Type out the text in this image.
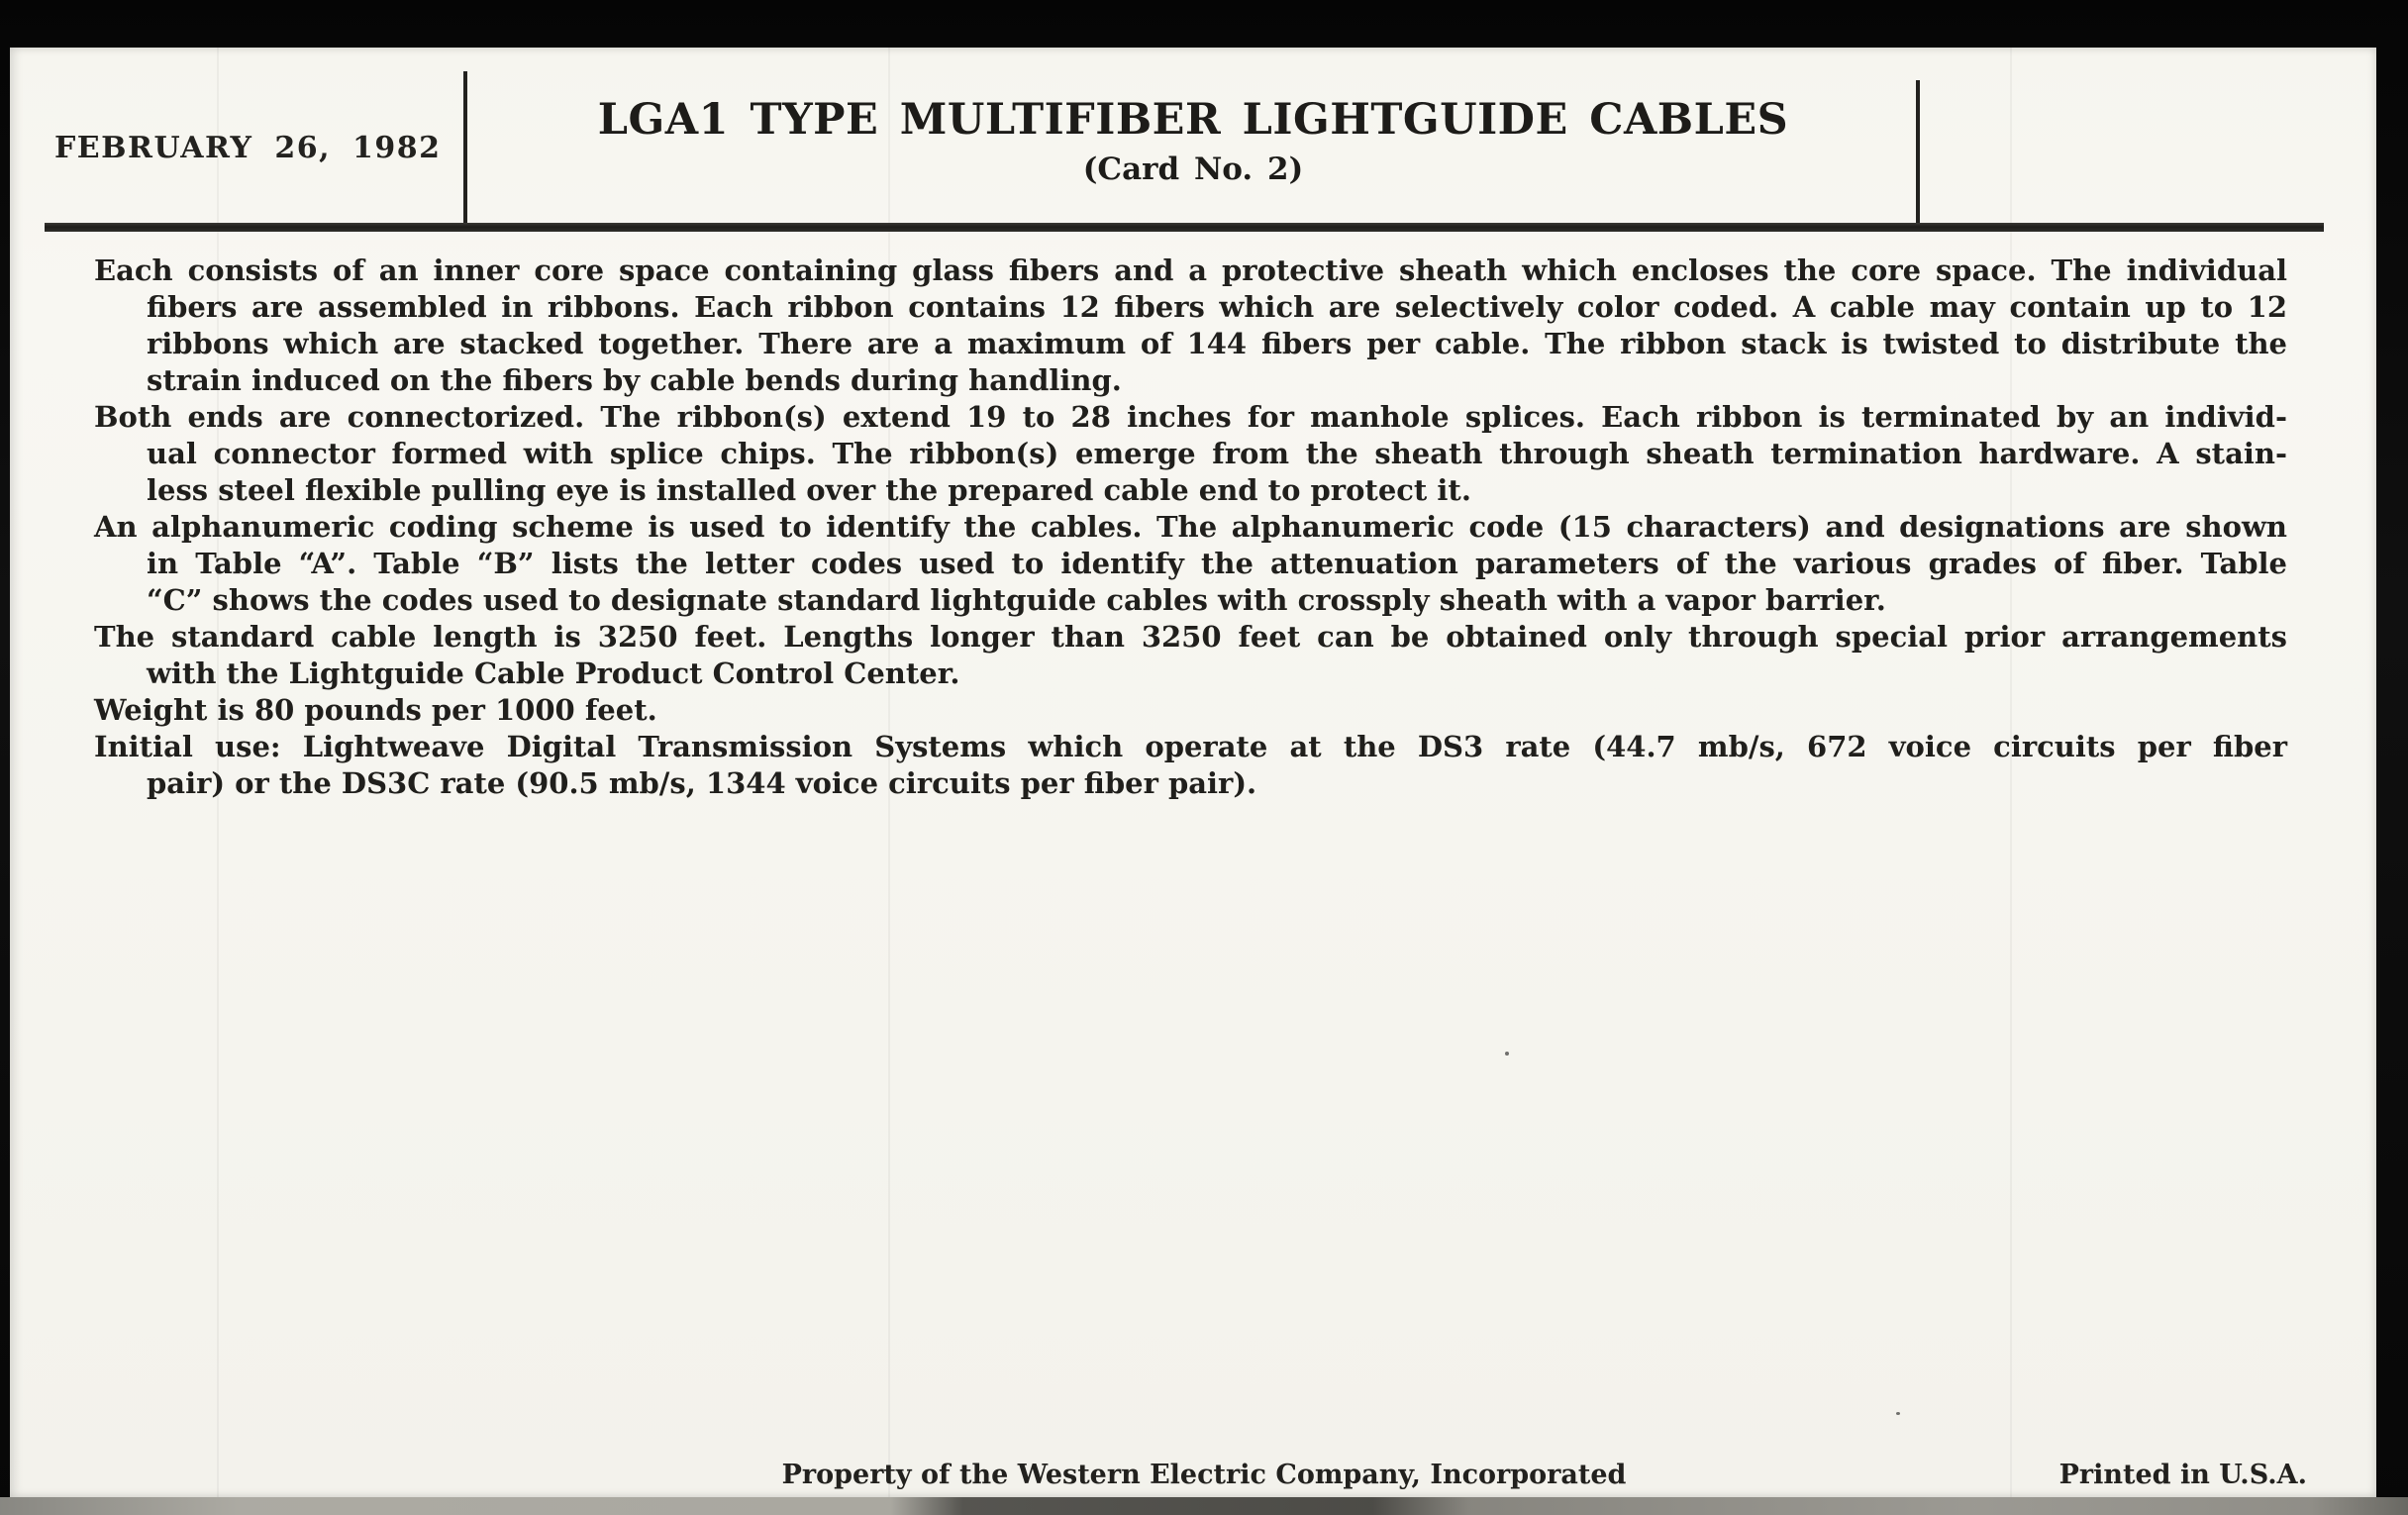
FEBRUARY 26, 1982
LGA1 TYPE MULTIFIBER LIGHTGUIDE CABLES
(Card No. 2)
Each consists of an inner core space containing glass fibers and a protective sheath which encloses the core space. The individual
fibers are assembled in ribbons. Each ribbon contains 12 fibers which are selectively color coded. A cable may contain up to 12
ribbons which are stacked together. There are a maximum of 144 fibers per cable. The ribbon stack is twisted to distribute the
strain induced on the fibers by cable bends during handling.
Both ends are connectorized. The ribbon(s) extend 19 to 28 inches for manhole splices. Each ribbon is terminated by an individ-
ual connector formed with splice chips. The ribbon(s) emerge from the sheath through sheath termination hardware. A stain-
less steel flexible pulling eye is installed over the prepared cable end to protect it.
An alphanumeric coding scheme is used to identify the cables. The alphanumeric code (15 characters) and designations are shown
in Table “A”. Table “B” lists the letter codes used to identify the attenuation parameters of the various grades of fiber. Table
“C” shows the codes used to designate standard lightguide cables with crossply sheath with a vapor barrier.
The standard cable length is 3250 feet. Lengths longer than 3250 feet can be obtained only through special prior arrangements
with the Lightguide Cable Product Control Center.
Weight is 80 pounds per 1000 feet.
Initial use: Lightweave Digital Transmission Systems which operate at the DS3 rate (44.7 mb/s, 672 voice circuits per fiber
pair) or the DS3C rate (90.5 mb/s, 1344 voice circuits per fiber pair).
Property of the Western Electric Company, Incorporated	Printed in U.S.A.
